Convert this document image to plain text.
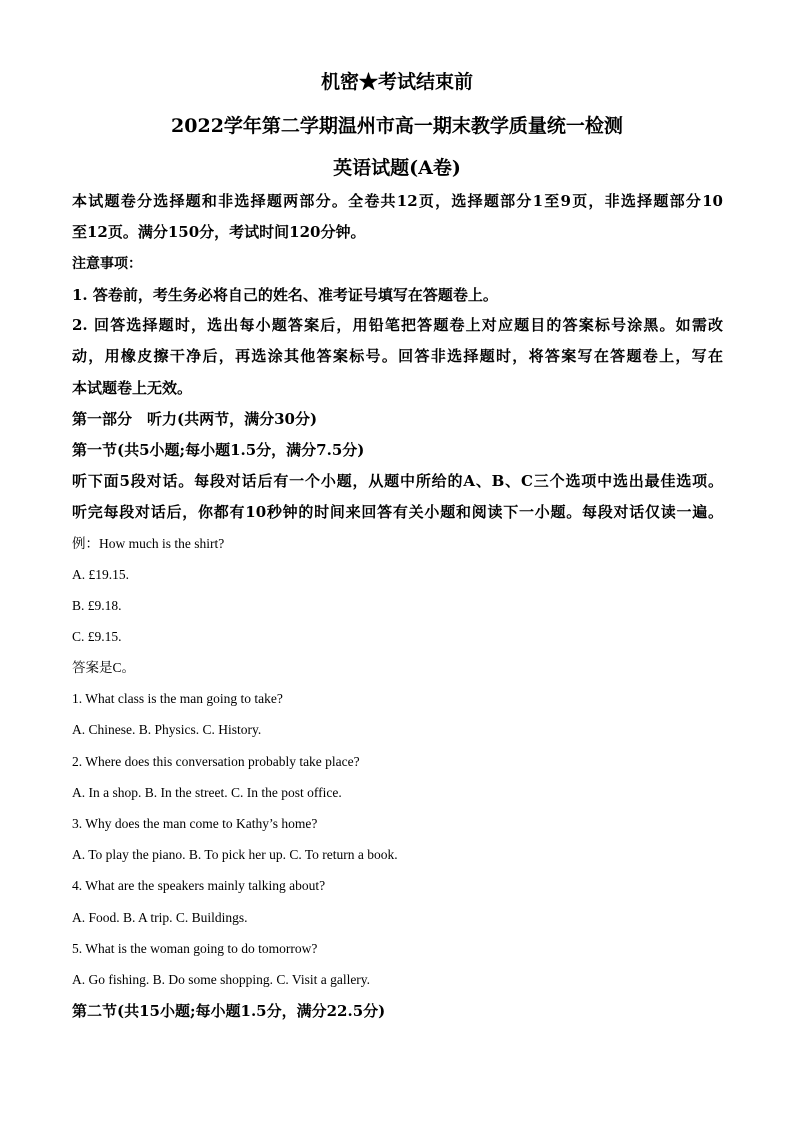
机密★考试结束前
2022学年第二学期温州市高一期末教学质量统一检测
英语试题(A卷)
本试题卷分选择题和非选择题两部分。全卷共12页，选择题部分1至9页，非选择题部分10
至12页。满分150分，考试时间120分钟。
注意事项：
1. 答卷前，考生务必将自己的姓名、准考证号填写在答题卷上。
2. 回答选择题时，选出每小题答案后，用铅笔把答题卷上对应题目的答案标号涂黑。如需改
动，用橡皮擦干净后，再选涂其他答案标号。回答非选择题时，将答案写在答题卷上，写在
本试题卷上无效。
第一部分　听力(共两节，满分30分)
第一节(共5小题;每小题1.5分，满分7.5分)
听下面5段对话。每段对话后有一个小题，从题中所给的A、B、C三个选项中选出最佳选项。
听完每段对话后，你都有10秒钟的时间来回答有关小题和阅读下一小题。每段对话仅读一遍。
例：How much is the shirt?
A. £19.15.
B. £9.18.
C. £9.15.
答案是C。
1. What class is the man going to take?
A. Chinese. B. Physics. C. History.
2. Where does this conversation probably take place?
A. In a shop. B. In the street. C. In the post office.
3. Why does the man come to Kathy’s home?
A. To play the piano. B. To pick her up. C. To return a book.
4. What are the speakers mainly talking about?
A. Food. B. A trip. C. Buildings.
5. What is the woman going to do tomorrow?
A. Go fishing. B. Do some shopping. C. Visit a gallery.
第二节(共15小题;每小题1.5分，满分22.5分)
